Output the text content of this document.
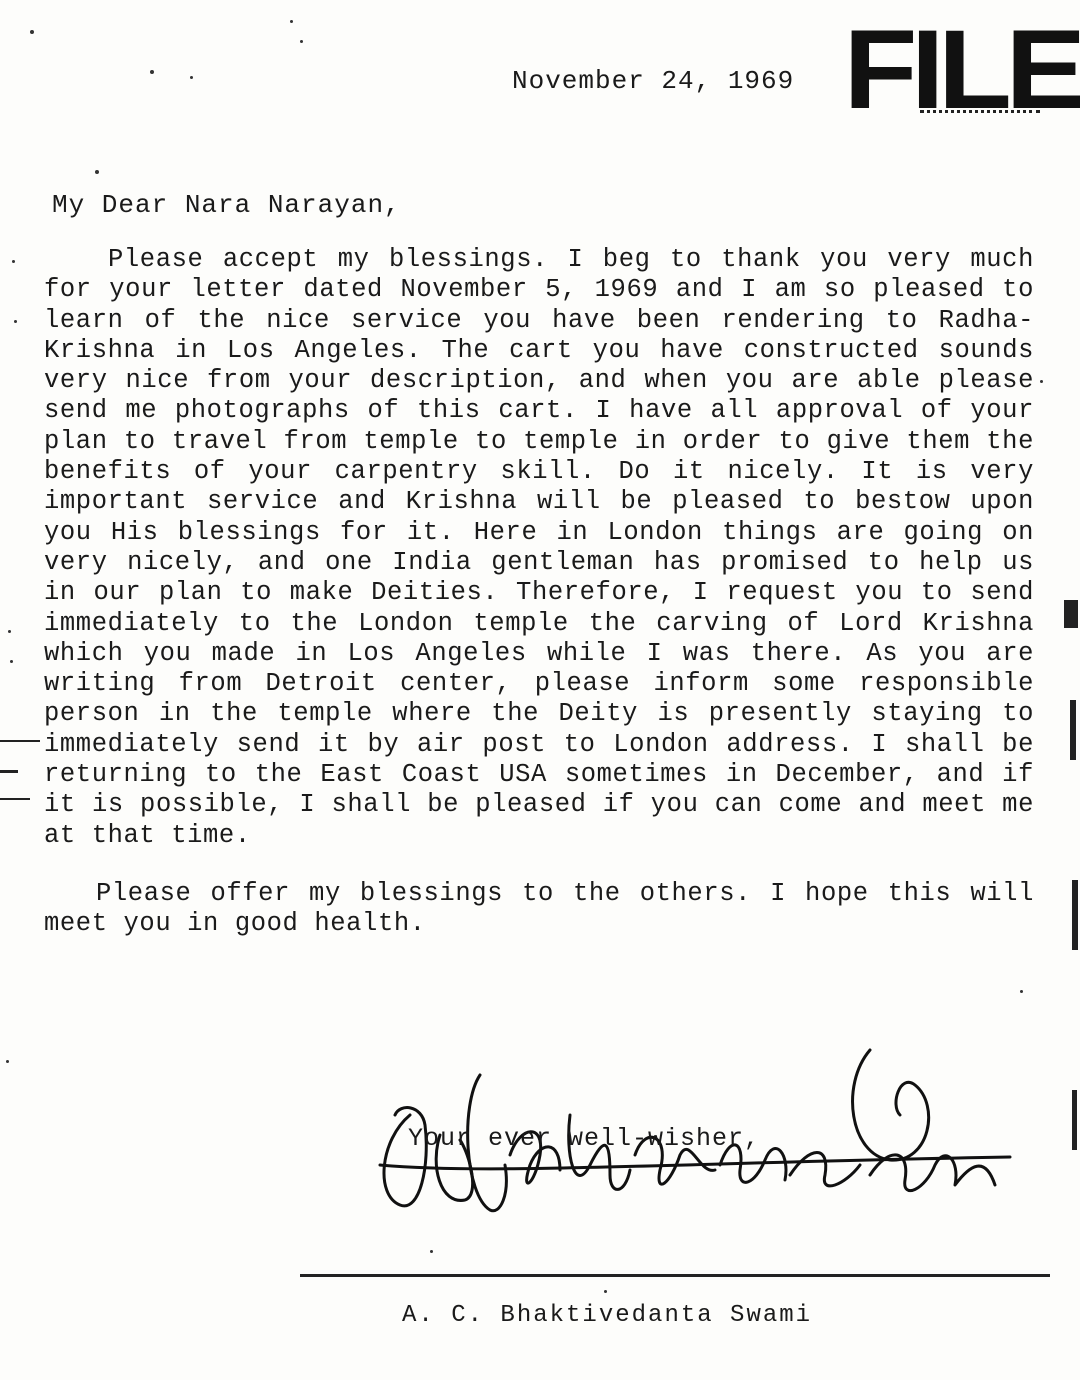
FILE
November 24, 1969
My Dear Nara Narayan,

Please accept my blessings. I beg to thank you very much for your letter dated November 5, 1969 and I am so pleased to learn of the nice service you have been rendering to Radha-Krishna in Los Angeles. The cart you have constructed sounds very nice from your description, and when you are able please send me photographs of this cart. I have all approval of your plan to travel from temple to temple in order to give them the benefits of your carpentry skill. Do it nicely. It is very important service and Krishna will be pleased to bestow upon you His blessings for it. Here in London things are going on very nicely, and one India gentleman has promised to help us in our plan to make Deities. Therefore, I request you to send immediately to the London temple the carving of Lord Krishna which you made in Los Angeles while I was there. As you are writing from Detroit center, please inform some responsible person in the temple where the Deity is presently staying to immediately send it by air post to London address. I shall be returning to the East Coast USA sometimes in December, and if it is possible, I shall be pleased if you can come and meet me at that time.

Please offer my blessings to the others. I hope this will meet you in good health.

Your ever well-wisher,
A. C. Bhaktivedanta Swami
